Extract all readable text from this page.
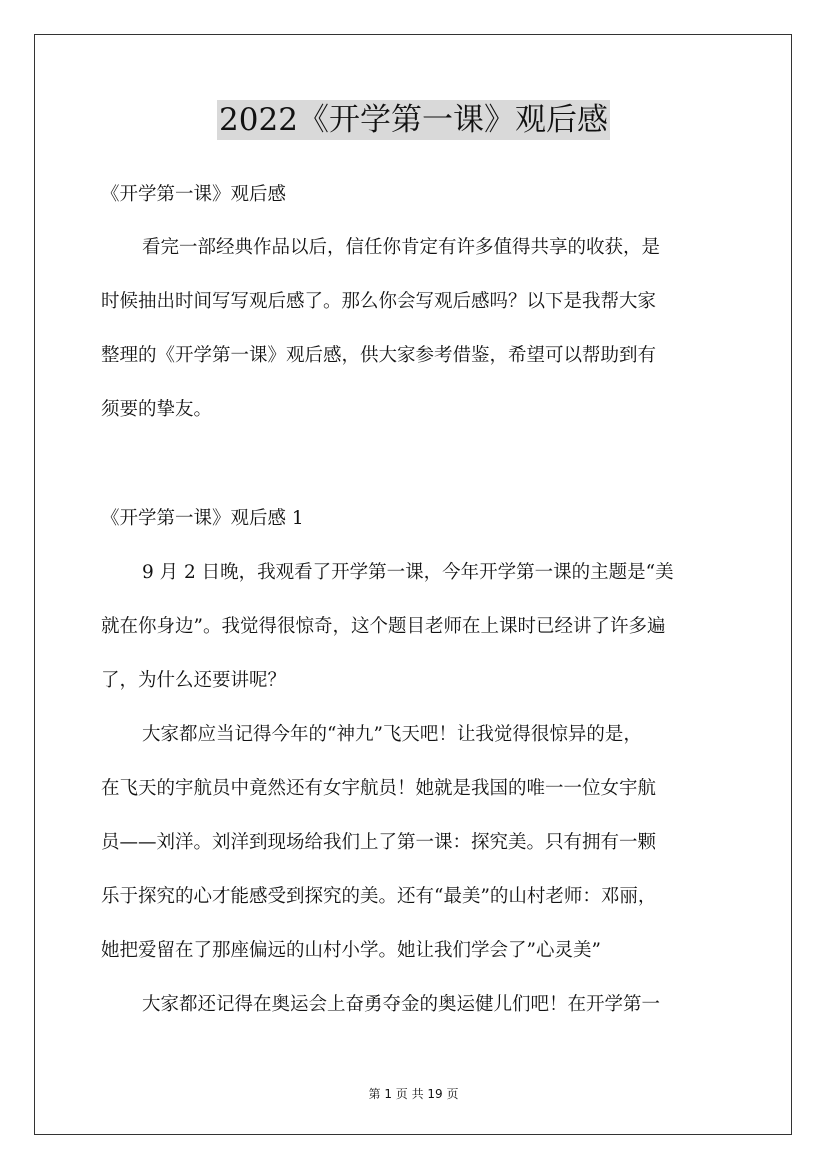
2022《开学第一课》观后感
《开学第一课》观后感
看完一部经典作品以后，信任你肯定有许多值得共享的收获，是
时候抽出时间写写观后感了。那么你会写观后感吗？以下是我帮大家
整理的《开学第一课》观后感，供大家参考借鉴，希望可以帮助到有
须要的挚友。
《开学第一课》观后感 1
9 月 2 日晚，我观看了开学第一课，今年开学第一课的主题是“美
就在你身边”。我觉得很惊奇，这个题目老师在上课时已经讲了许多遍
了，为什么还要讲呢？
大家都应当记得今年的“神九”飞天吧！让我觉得很惊异的是，
在飞天的宇航员中竟然还有女宇航员！她就是我国的唯一一位女宇航
员——刘洋。刘洋到现场给我们上了第一课：探究美。只有拥有一颗
乐于探究的心才能感受到探究的美。还有“最美”的山村老师：邓丽，
她把爱留在了那座偏远的山村小学。她让我们学会了”心灵美”
大家都还记得在奥运会上奋勇夺金的奥运健儿们吧！在开学第一
第 1 页 共 19 页
